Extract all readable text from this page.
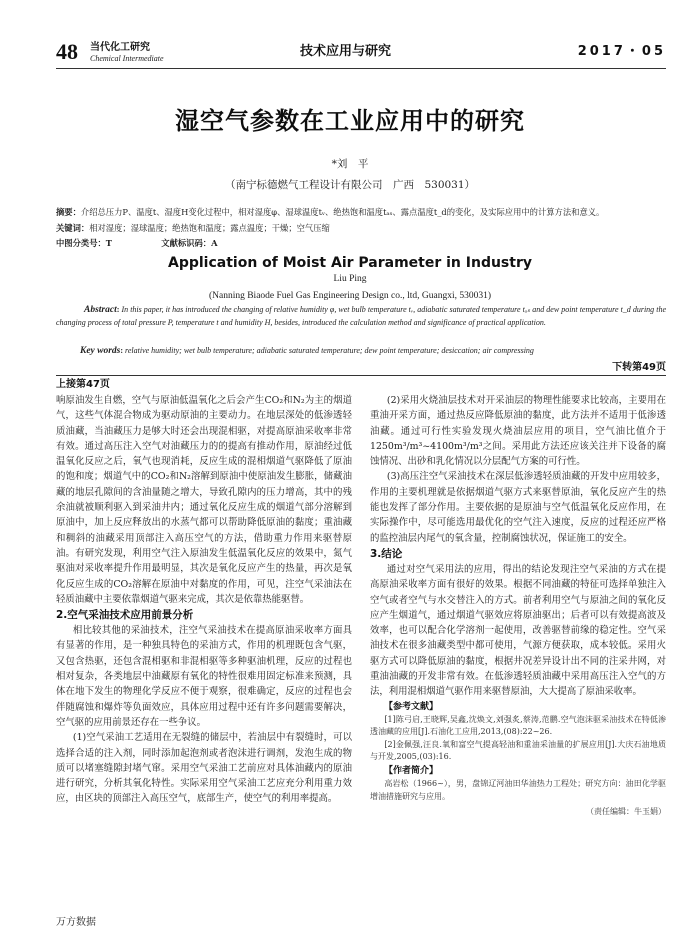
48 当代化工研究
Chemical Intermediate	技术应用与研究	2017・05
湿空气参数在工业应用中的研究
*刘　平
（南宁标德燃气工程设计有限公司　广西　530031）
摘要：介绍总压力P、温度t、湿度H变化过程中，相对湿度φ、湿球温度tᵥ、绝热饱和温度tₐₛ、露点温度t_d的变化，及实际应用中的计算方法和意义。
关键词：相对湿度；湿球温度；绝热饱和温度；露点温度；干燥；空气压缩
中图分类号：T	文献标识码：A
Application of Moist Air Parameter in Industry
Liu Ping
(Nanning Biaode Fuel Gas Engineering Design co., ltd, Guangxi, 530031)
Abstract: In this paper, it has introduced the changing of relative humidity φ, wet bulb temperature tᵥ, adiabatic saturated temperature tₐₛ and dew point temperature t_d during the changing process of total pressure P, temperature t and humidity H, besides, introduced the calculation method and significance of practical application.
Key words: relative humidity; wet bulb temperature; adiabatic saturated temperature; dew point temperature; desiccation; air compressing
下转第49页

上接第47页

响原油发生自燃，空气与原油低温氧化之后会产生CO₂和N₂为主的烟道气，这些气体混合物成为驱动原油的主要动力。在地层深处的低渗透轻质油藏，当油藏压力是够大时还会出现混相驱，对提高原油采收率非常有效。通过高压注入空气对油藏压力的的提高有推动作用，原油经过低温氧化反应之后，氧气也现消耗，反应生成的混相烟道气驱降低了原油的饱和度；烟道气中的CO₂和N₂溶解到原油中使原油发生膨胀，储藏油藏的地层孔隙间的含油量随之增大，导致孔隙内的压力增高，其中的残余油就被顺利驱入到采油井内；通过氧化反应生成的烟道气部分溶解到原油中，加上反应释放出的水蒸气都可以帮助降低原油的黏度；重油藏和稠斜的油藏采用顶部注入高压空气的方法，借助重力作用来驱替原油。有研究发现，利用空气注入原油发生低温氧化反应的效果中，氮气驱油对采收率提升作用最明显，其次是氧化反应产生的热量，再次是氧化反应生成的CO₂溶解在原油中对黏度的作用，可见，注空气采油法在轻质油藏中主要依靠烟道气驱来完成，其次是依靠热能驱替。

2.空气采油技术应用前景分析

相比较其他的采油技术，注空气采油技术在提高原油采收率方面具有显著的作用，是一种独具特色的采油方式，作用的机理既包含气驱，又包含热驱，还包含混相驱和非混相驱等多种驱油机理，反应的过程也相对复杂，各类地层中油藏原有氧化的特性很难用固定标准来预测，具体在地下发生的物理化学反应不便于观察，很难确定，反应的过程也会伴随腐蚀和爆炸等负面效应，具体应用过程中还有许多问题需要解决，空气驱的应用前景还存在一些争议。

(1)空气采油工艺适用在无裂缝的储层中，若油层中有裂缝时，可以选择合适的注入剂，同时添加起泡剂或者泡沫进行调剂，发泡生成的物质可以堵塞缝隙封堵气窜。采用空气采油工艺前应对具体油藏内的原油进行研究，分析其氧化特性。实际采用空气采油工艺应充分利用重力效应，由区块的顶部注入高压空气，底部生产，使空气的利用率提高。

(2)采用火烧油层技术对开采油层的物理性能要求比较高，主要用在重油开采方面，通过热反应降低原油的黏度，此方法并不适用于低渗透油藏。通过可行性实验发现火烧油层应用的项目，空气油比值介于1250m³/m³~4100m³/m³之间。采用此方法还应该关注并下设备的腐蚀情况、出砂和乳化情况以分层配气方案的可行性。

(3)高压注空气采油技术在深层低渗透轻质油藏的开发中应用较多，作用的主要机理就是依据烟道气驱方式来驱替原油，氧化反应产生的热能也发挥了部分作用。主要依据的是原油与空气低温氧化反应作用，在实际操作中，尽可能选用最优化的空气注入速度，反应的过程还应严格的监控油层内尾气的氧含量，控制腐蚀状况，保证施工的安全。

3.结论

通过对空气采用法的应用，得出的结论发现注空气采油的方式在提高原油采收率方面有很好的效果。根据不同油藏的特征可选择单独注入空气或者空气与水交替注入的方式。前者利用空气与原油之间的氧化反应产生烟道气，通过烟道气驱效应将原油驱出；后者可以有效提高波及效率，也可以配合化学溶剂一起使用，改善驱替前缘的稳定性。空气采油技术在很多油藏类型中都可使用，气源方便获取，成本较低。采用火驱方式可以降低原油的黏度，根据井况差异设计出不同的注采井网，对重油油藏的开发非常有效。在低渗透轻质油藏中采用高压注入空气的方法，利用混相烟道气驱作用来驱替原油，大大提高了原油采收率。

【参考文献】

[1]陈弓启,王晓辉,吴鑫,沈焕文,刘强炙,蔡涛,范鹏.空气泡沫驱采油技术在特低渗透油藏的应用[J].石油化工应用,2013,(08):22~26.

[2]金佩强,汪良.氧和富空气提高轻油和重油采油量的扩展应用[J].大庆石油地质与开发,2005,(03):16.

【作者简介】

高岩松（1966~），男，盘锦辽河油田华油热力工程处；研究方向：油田化学驱增油措施研究与应用。

（责任编辑：牛玉娟）

万方数据
